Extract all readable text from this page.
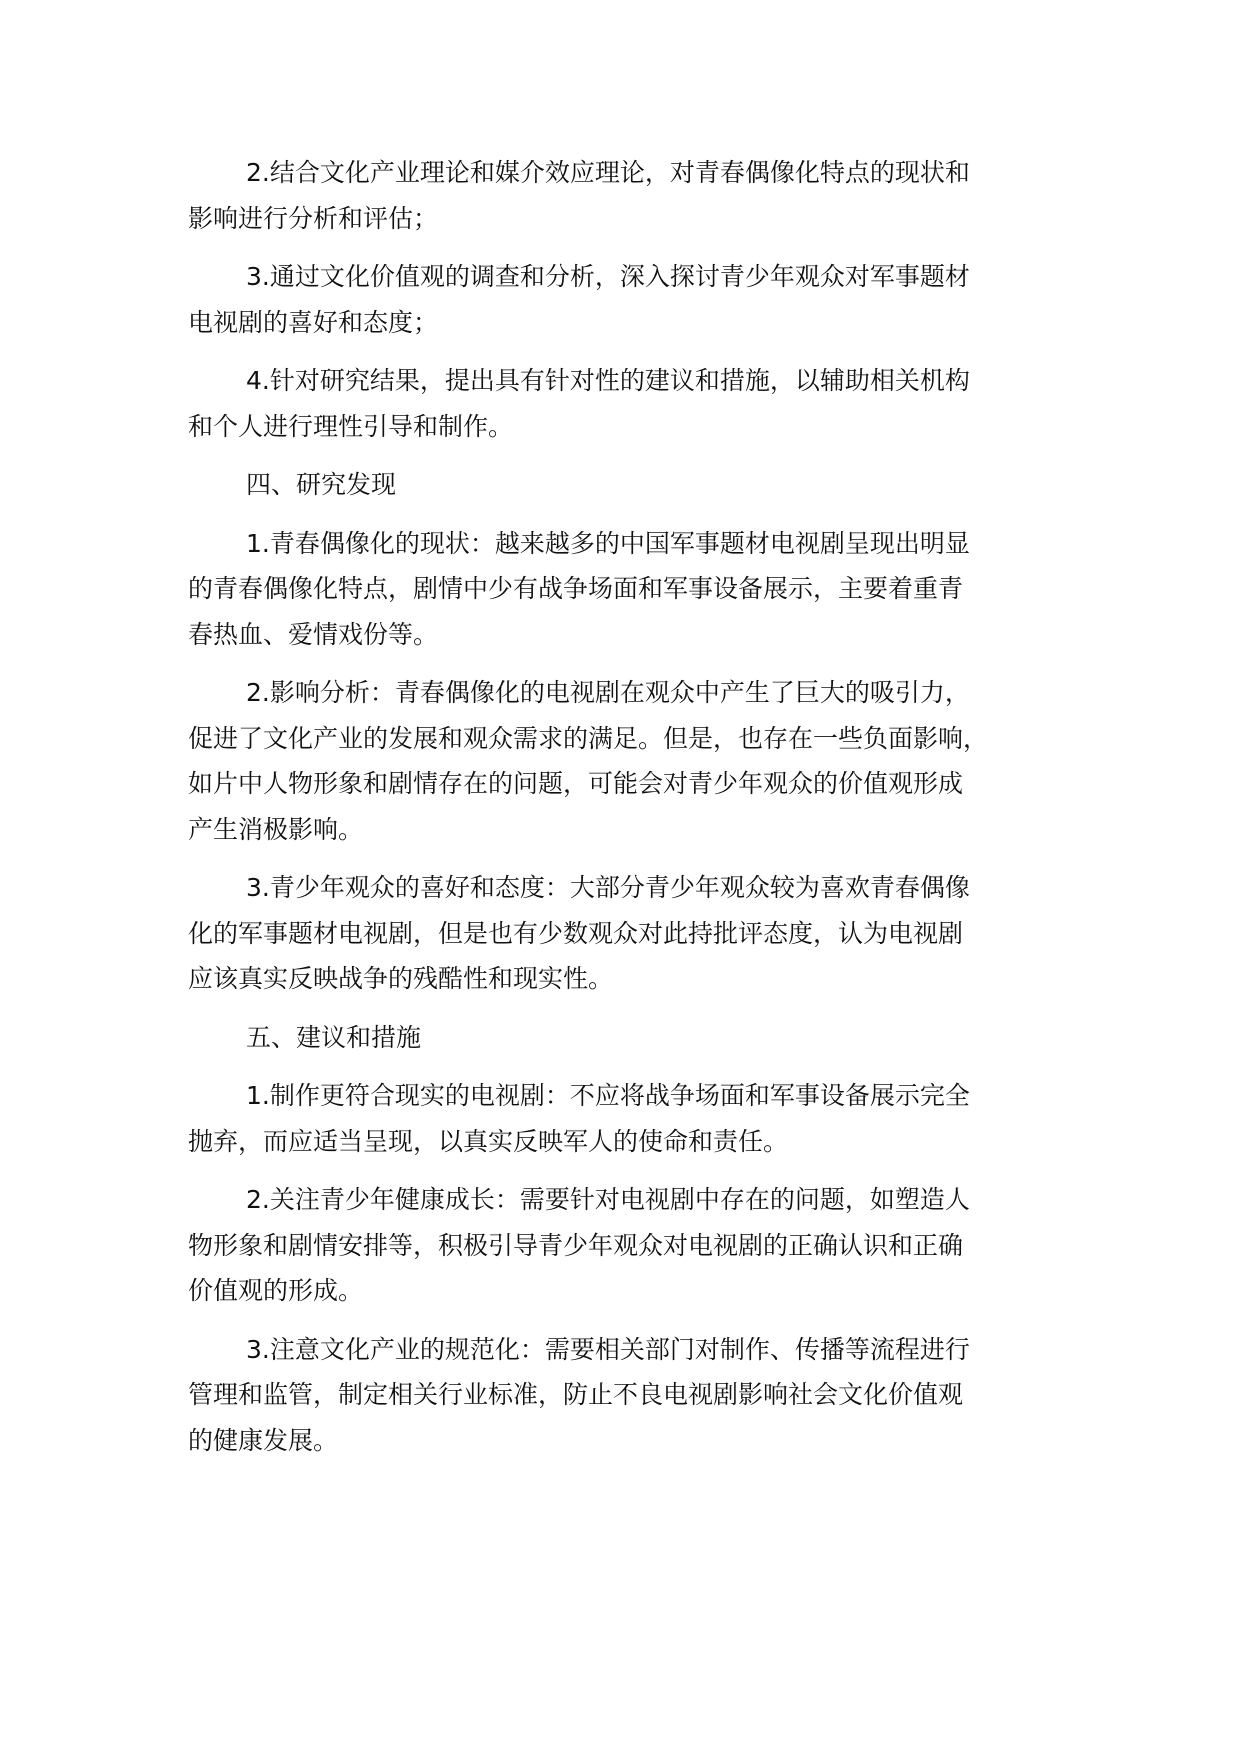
2.结合文化产业理论和媒介效应理论，对青春偶像化特点的现状和
影响进行分析和评估；

3.通过文化价值观的调查和分析，深入探讨青少年观众对军事题材
电视剧的喜好和态度；

4.针对研究结果，提出具有针对性的建议和措施，以辅助相关机构
和个人进行理性引导和制作。

四、研究发现

1.青春偶像化的现状：越来越多的中国军事题材电视剧呈现出明显
的青春偶像化特点，剧情中少有战争场面和军事设备展示，主要着重青
春热血、爱情戏份等。

2.影响分析：青春偶像化的电视剧在观众中产生了巨大的吸引力，
促进了文化产业的发展和观众需求的满足。但是，也存在一些负面影响，
如片中人物形象和剧情存在的问题，可能会对青少年观众的价值观形成
产生消极影响。

3.青少年观众的喜好和态度：大部分青少年观众较为喜欢青春偶像
化的军事题材电视剧，但是也有少数观众对此持批评态度，认为电视剧
应该真实反映战争的残酷性和现实性。

五、建议和措施

1.制作更符合现实的电视剧：不应将战争场面和军事设备展示完全
抛弃，而应适当呈现，以真实反映军人的使命和责任。

2.关注青少年健康成长：需要针对电视剧中存在的问题，如塑造人
物形象和剧情安排等，积极引导青少年观众对电视剧的正确认识和正确
价值观的形成。

3.注意文化产业的规范化：需要相关部门对制作、传播等流程进行
管理和监管，制定相关行业标准，防止不良电视剧影响社会文化价值观
的健康发展。
